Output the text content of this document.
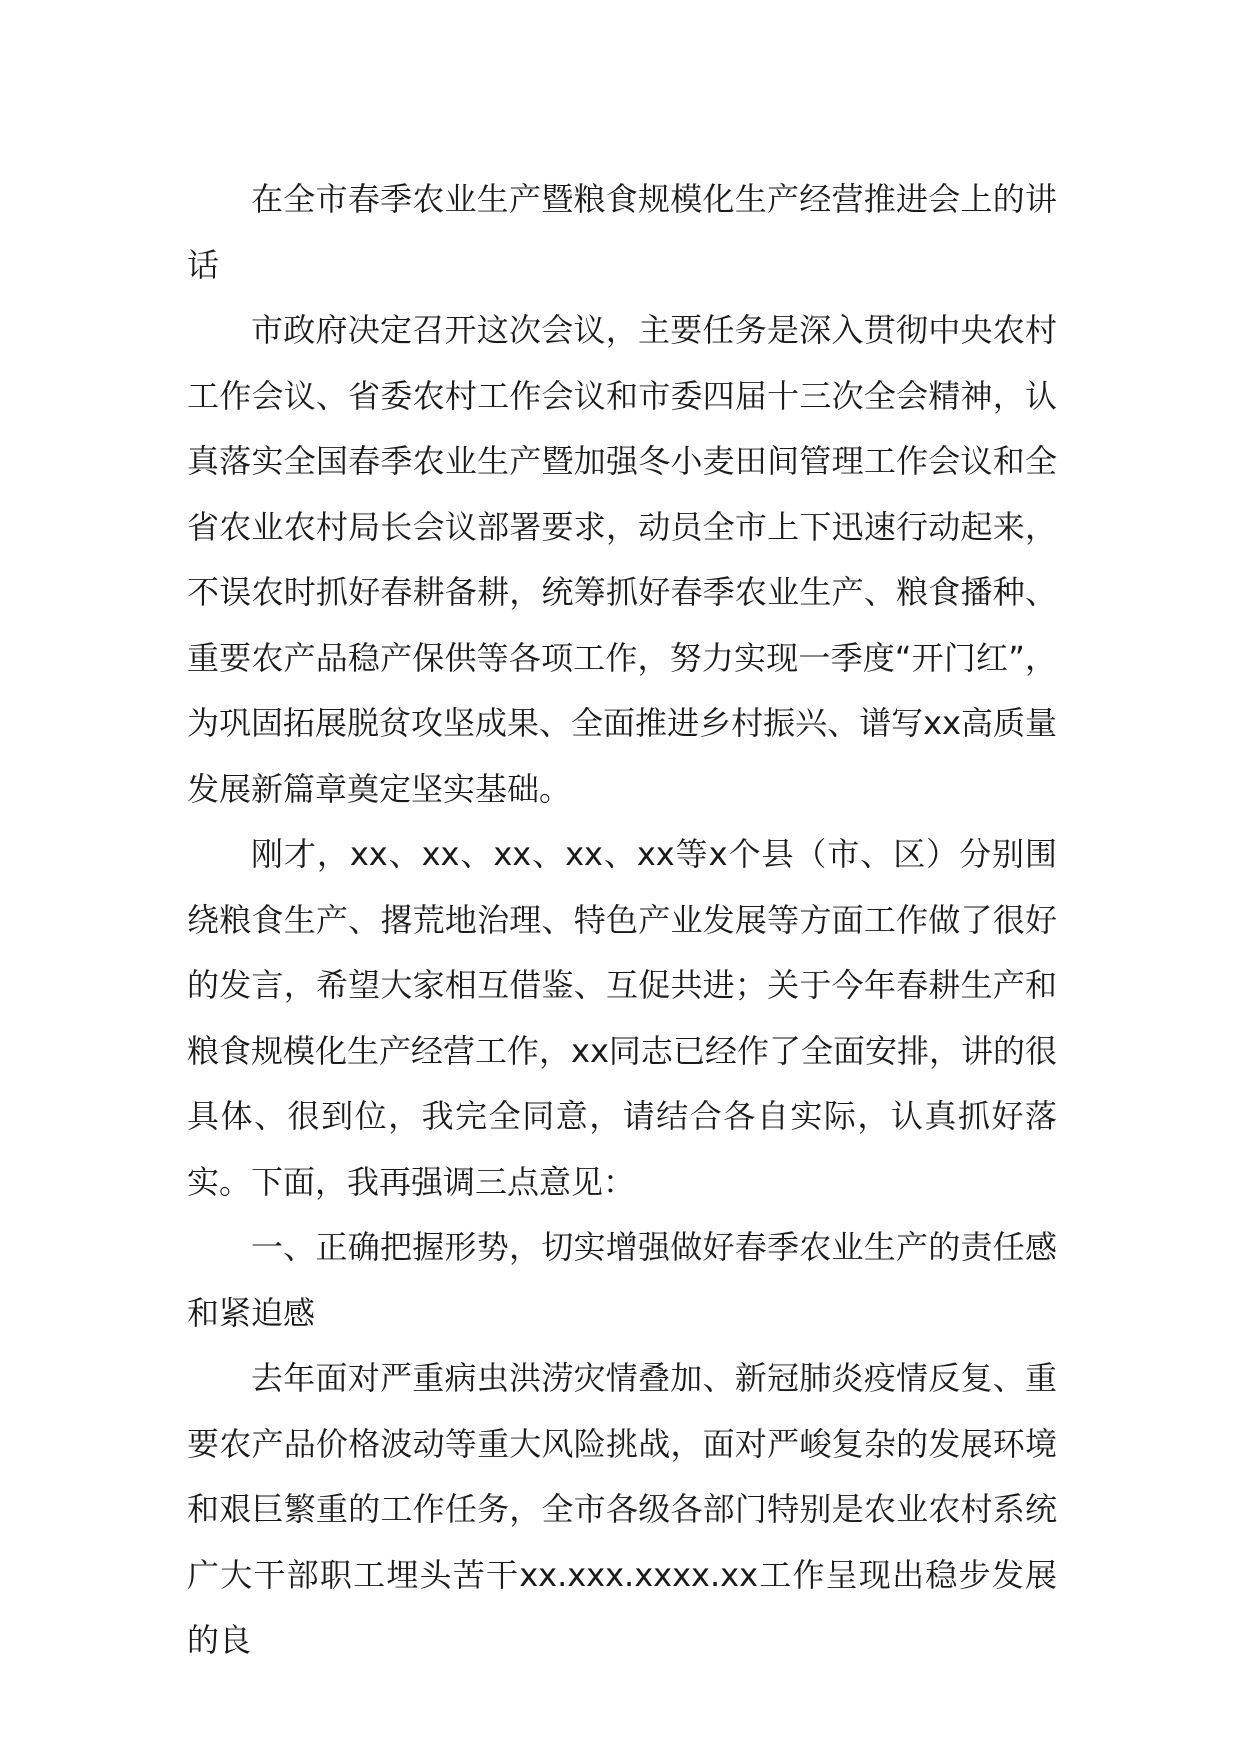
在全市春季农业生产暨粮食规模化生产经营推进会上的讲话

市政府决定召开这次会议，主要任务是深入贯彻中央农村工作会议、省委农村工作会议和市委四届十三次全会精神，认真落实全国春季农业生产暨加强冬小麦田间管理工作会议和全省农业农村局长会议部署要求，动员全市上下迅速行动起来，不误农时抓好春耕备耕，统筹抓好春季农业生产、粮食播种、重要农产品稳产保供等各项工作，努力实现一季度“开门红”，为巩固拓展脱贫攻坚成果、全面推进乡村振兴、谱写xx高质量发展新篇章奠定坚实基础。

刚才，xx、xx、xx、xx、xx等x个县（市、区）分别围绕粮食生产、撂荒地治理、特色产业发展等方面工作做了很好的发言，希望大家相互借鉴、互促共进；关于今年春耕生产和粮食规模化生产经营工作，xx同志已经作了全面安排，讲的很具体、很到位，我完全同意，请结合各自实际，认真抓好落实。下面，我再强调三点意见：

一、正确把握形势，切实增强做好春季农业生产的责任感和紧迫感

去年面对严重病虫洪涝灾情叠加、新冠肺炎疫情反复、重要农产品价格波动等重大风险挑战，面对严峻复杂的发展环境和艰巨繁重的工作任务，全市各级各部门特别是农业农村系统广大干部职工埋头苦干xx.xxx.xxxx.xx工作呈现出稳步发展的良
